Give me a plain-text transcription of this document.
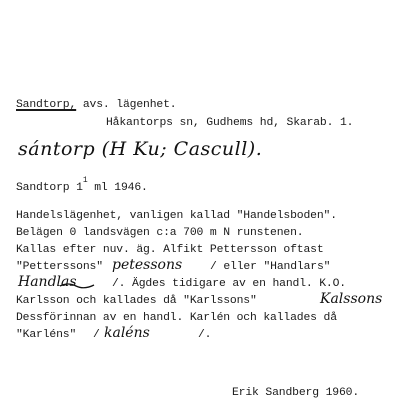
Sandtorp, avs. lägenhet.
Håkantorps sn, Gudhems hd, Skarab. 1.
sántorp (H Ku; Cascull).
Sandtorp $1^1$ ml 1946.
Handelslägenhet, vanligen kallad "Handelsboden".
Belägen 0 landsvägen c:a 700 m N runstenen.
Kallas efter nuv. äg. Alfikt Pettersson oftast
"Petterssons" petessons / eller "Handlars"
Handlas	/. Ägdes tidigare av en handl. K.O.
Karlsson och kallades då "Karlssons"	Kalssons
Dessförinnan av en handl. Karlén och kallades då
"Karléns" / kaléns	/.
Erik Sandberg 1960.
